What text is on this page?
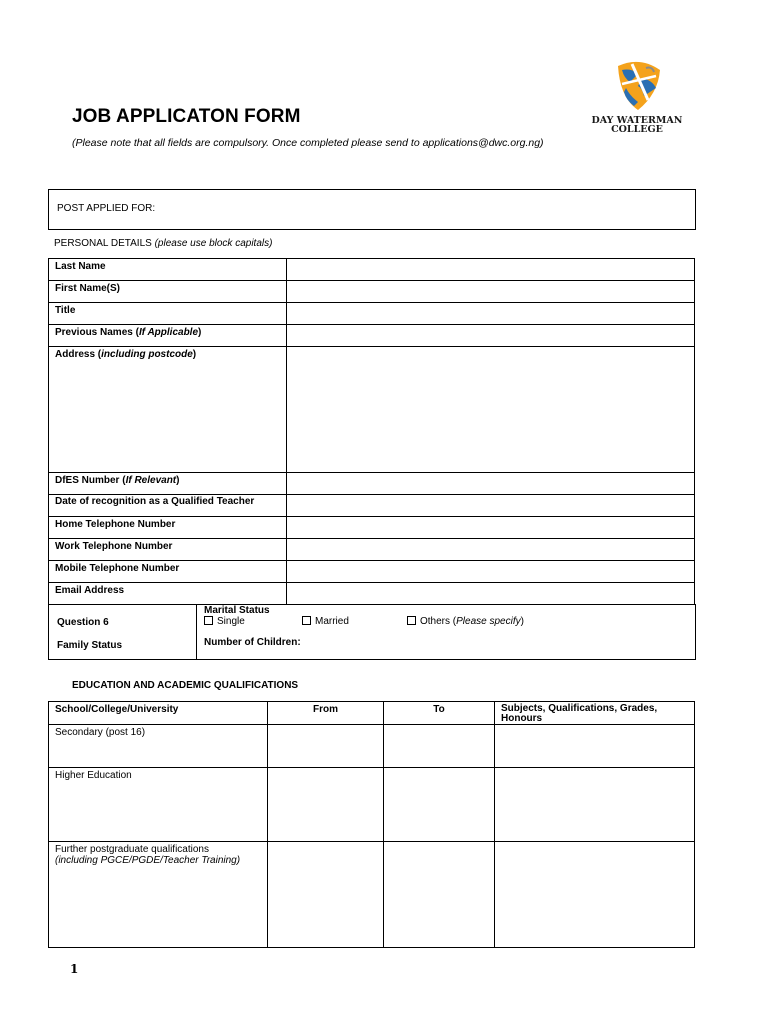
JOB APPLICATON FORM
(Please note that all fields are compulsory. Once completed please send to applications@dwc.org.ng)
DAY WATERMAN
COLLEGE
POST APPLIED FOR:
PERSONAL DETAILS (please use block capitals)
Last Name	
First Name(S)	
Title	
Previous Names (If Applicable)	
Address (including postcode)	
DfES Number (If Relevant)	
Date of recognition as a Qualified Teacher	
Home Telephone Number	
Work Telephone Number	
Mobile Telephone Number	
Email Address	
Question 6
Family Status
Marital Status
Single	Married	Others (Please specify)
Number of Children:
EDUCATION AND ACADEMIC QUALIFICATIONS
School/College/University	From	To	Subjects, Qualifications, Grades, Honours
Secondary (post 16)			
Higher Education			

Further postgraduate qualifications
(including PGCE/PGDE/Teacher Training)			
1
